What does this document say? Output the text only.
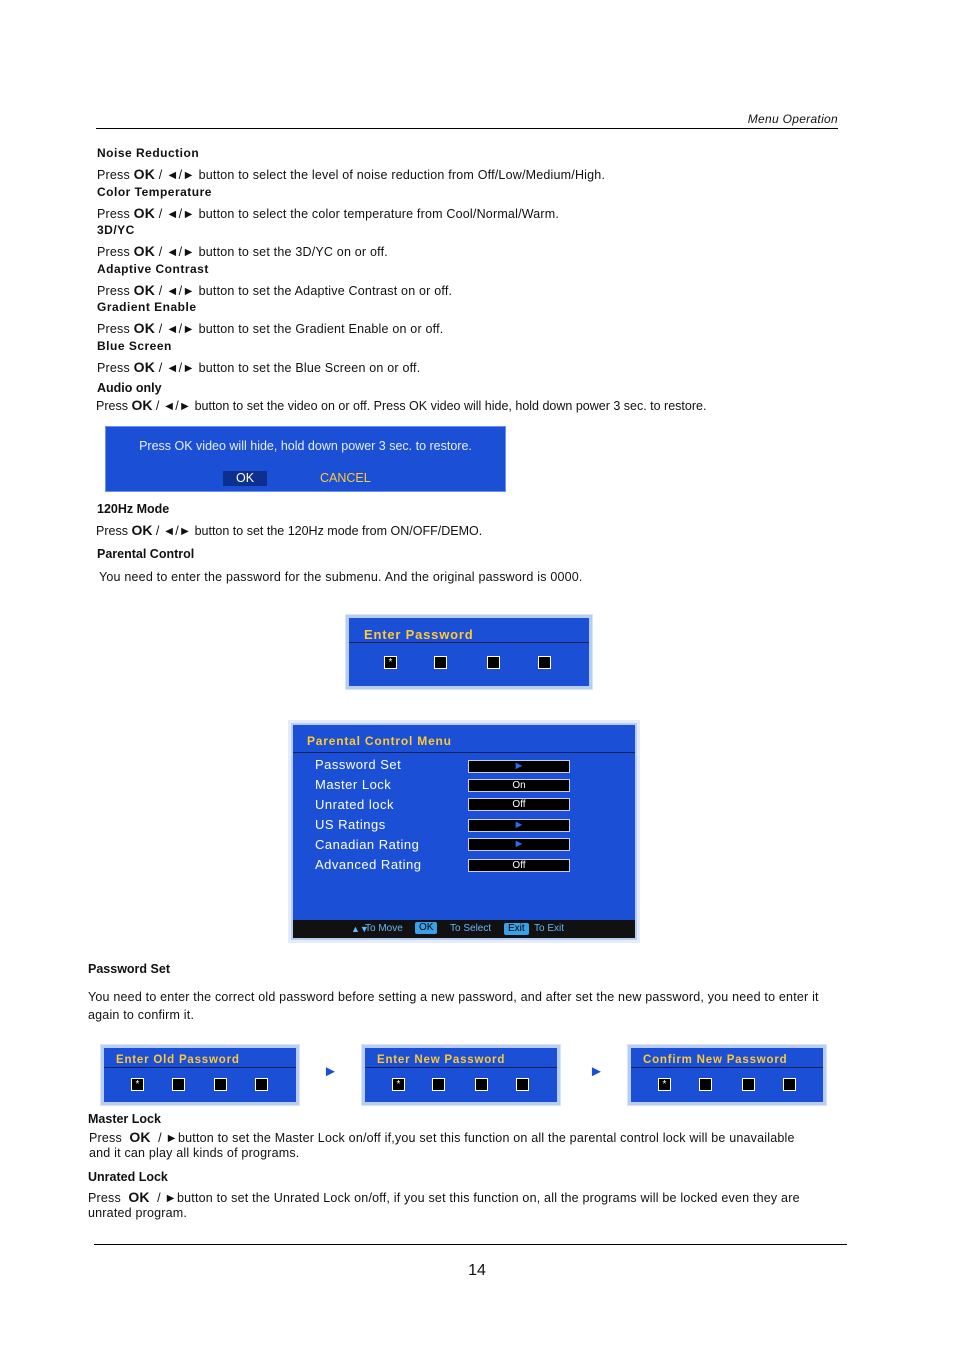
Menu Operation
Noise Reduction
Press OK / ◄/► button to select the level of noise reduction from Off/Low/Medium/High.
Color Temperature
Press OK / ◄/► button to select the color temperature from Cool/Normal/Warm.
3D/YC
Press OK / ◄/► button to set the 3D/YC on or off.
Adaptive Contrast
Press OK / ◄/► button to set the Adaptive Contrast on or off.
Gradient Enable
Press OK / ◄/► button to set the Gradient Enable on or off.
Blue Screen
Press OK / ◄/► button to set the Blue Screen on or off.
Audio only
Press OK / ◄/► button to set the video on or off. Press OK video will hide, hold down power 3 sec. to restore.
Press OK video will hide, hold down power 3 sec. to restore.
OK	CANCEL
120Hz Mode
Press OK / ◄/► button to set the 120Hz mode from ON/OFF/DEMO.
Parental Control
You need to enter the password for the submenu. And the original password is 0000.
Enter Password
*
Parental Control Menu
Password Set	►
Master Lock	On
Unrated lock	Off
US Ratings	►
Canadian Rating	►
Advanced Rating	Off
▲▼
To Move	OK	To Select	Exit To Exit
Password Set
You need to enter the correct old password before setting a new password, and after set the new password, you need to enter it again to confirm it.
Enter Old Password
*
►
Enter New Password
*
►
Confirm New Password
*
Master Lock
Press OK / ►button to set the Master Lock on/off if,you set this function on all the parental control lock will be unavailable and it can play all kinds of programs.
Unrated Lock
Press OK / ►button to set the Unrated Lock on/off, if you set this function on, all the programs will be locked even they are unrated program.
14
